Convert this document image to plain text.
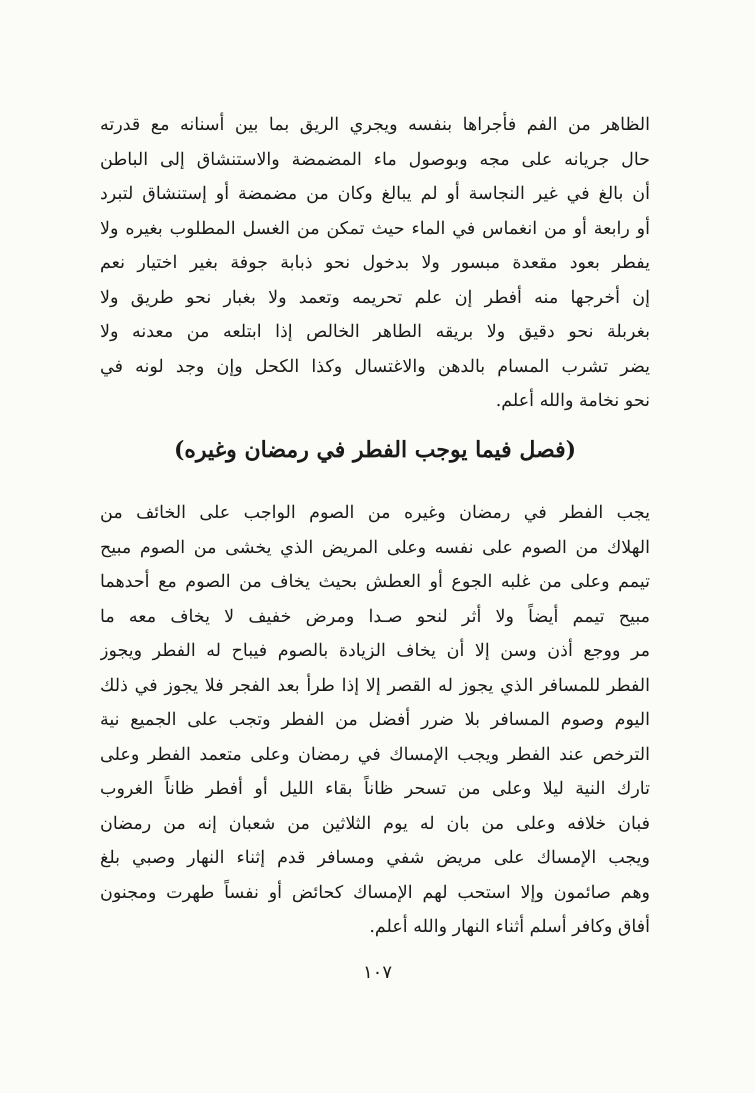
الظاهر من الفم فأجراها بنفسه ويجري الريق بما بين أسنانه مع قدرته
حال جريانه على مجه وبوصول ماء المضمضة والاستنشاق إلى الباطن
أن بالغ في غير النجاسة أو لم يبالغ وكان من مضمضة أو إستنشاق لتبرد
أو رابعة أو من انغماس في الماء حيث تمكن من الغسل المطلوب بغيره ولا
يفطر بعود مقعدة مبسور ولا بدخول نحو ذبابة جوفة بغير اختيار نعم
إن أخرجها منه أفطر إن علم تحريمه وتعمد ولا بغبار نحو طريق ولا
بغربلة نحو دقيق ولا بريقه الطاهر الخالص إذا ابتلعه من معدنه ولا
يضر تشرب المسام بالدهن والاغتسال وكذا الكحل وإن وجد لونه في
نحو نخامة والله أعلم.
(فصل فيما يوجب الفطر في رمضان وغيره)
يجب الفطر في رمضان وغيره من الصوم الواجب على الخائف من
الهلاك من الصوم على نفسه وعلى المريض الذي يخشى من الصوم مبيح
تيمم وعلى من غلبه الجوع أو العطش بحيث يخاف من الصوم مع أحدهما
مبيح تيمم أيضاً ولا أثر لنحو صـدا ومرض خفيف لا يخاف معه ما
مر ووجع أذن وسن إلا أن يخاف الزيادة بالصوم فيباح له الفطر ويجوز
الفطر للمسافر الذي يجوز له القصر إلا إذا طرأ بعد الفجر فلا يجوز في ذلك
اليوم وصوم المسافر بلا ضرر أفضل من الفطر وتجب على الجميع نية
الترخص عند الفطر ويجب الإمساك في رمضان وعلى متعمد الفطر وعلى
تارك النية ليلا وعلى من تسحر ظاناً بقاء الليل أو أفطر ظاناً الغروب
فبان خلافه وعلى من بان له يوم الثلاثين من شعبان إنه من رمضان
ويجب الإمساك على مريض شفي ومسافر قدم إثناء النهار وصبي بلغ
وهم صائمون وإلا استحب لهم الإمساك كحائض أو نفساً طهرت ومجنون
أفاق وكافر أسلم أثناء النهار والله أعلم.
١٠٧
